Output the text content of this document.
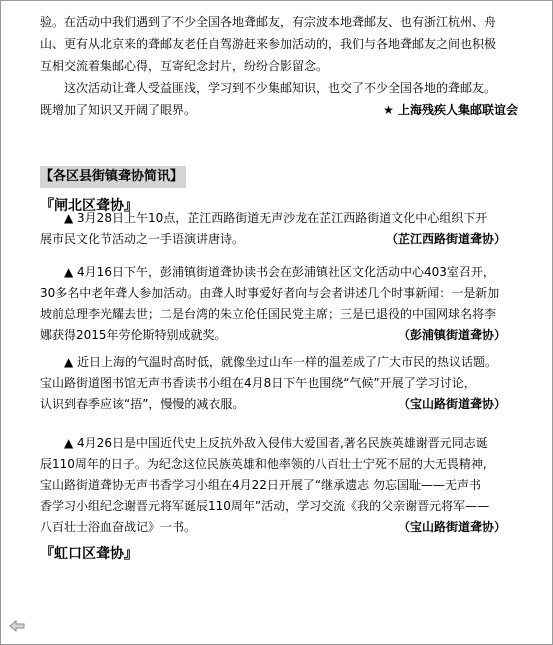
验。在活动中我们遇到了不少全国各地聋邮友，有宗波本地聋邮友、也有浙江杭州、舟
山、更有从北京来的聋邮友老任自驾游赶来参加活动的，我们与各地聋邮友之间也积极
互相交流着集邮心得，互寄纪念封片，纷纷合影留念。
这次活动让聋人受益匪浅，学习到不少集邮知识，也交了不少全国各地的聋邮友。
既增加了知识又开阔了眼界。	★ 上海残疾人集邮联谊会
【各区县街镇聋协简讯】
『闸北区聋协』
▲ 3月28日上午10点，芷江西路街道无声沙龙在芷江西路街道文化中心组织下开
展市民文化节活动之一手语演讲唐诗。	（芷江西路街道聋协）
▲ 4月16日下午，彭浦镇街道聋协读书会在彭浦镇社区文化活动中心403室召开，
30多名中老年聋人参加活动。由聋人时事爱好者向与会者讲述几个时事新闻：一是新加
坡前总理李光耀去世；二是台湾的朱立伦任国民党主席；三是已退役的中国网球名将李
娜获得2015年劳伦斯特别成就奖。	（彭浦镇街道聋协）
▲ 近日上海的气温时高时低，就像坐过山车一样的温差成了广大市民的热议话题。
宝山路街道图书馆无声书香读书小组在4月8日下午也围绕“气候”开展了学习讨论，
认识到春季应该“捂”，慢慢的减衣服。	（宝山路街道聋协）
▲ 4月26日是中国近代史上反抗外敌入侵伟大爱国者,著名民族英雄谢晋元同志诞
辰110周年的日子。为纪念这位民族英雄和他率领的八百壮士宁死不屈的大无畏精神,
宝山路街道聋协无声书香学习小组在4月22日开展了“继承遗志 勿忘国耻——无声书
香学习小组纪念谢晋元将军诞辰110周年”活动，学习交流《我的父亲谢晋元将军——
八百壮士浴血奋战记》一书。	（宝山路街道聋协）
『虹口区聋协』
